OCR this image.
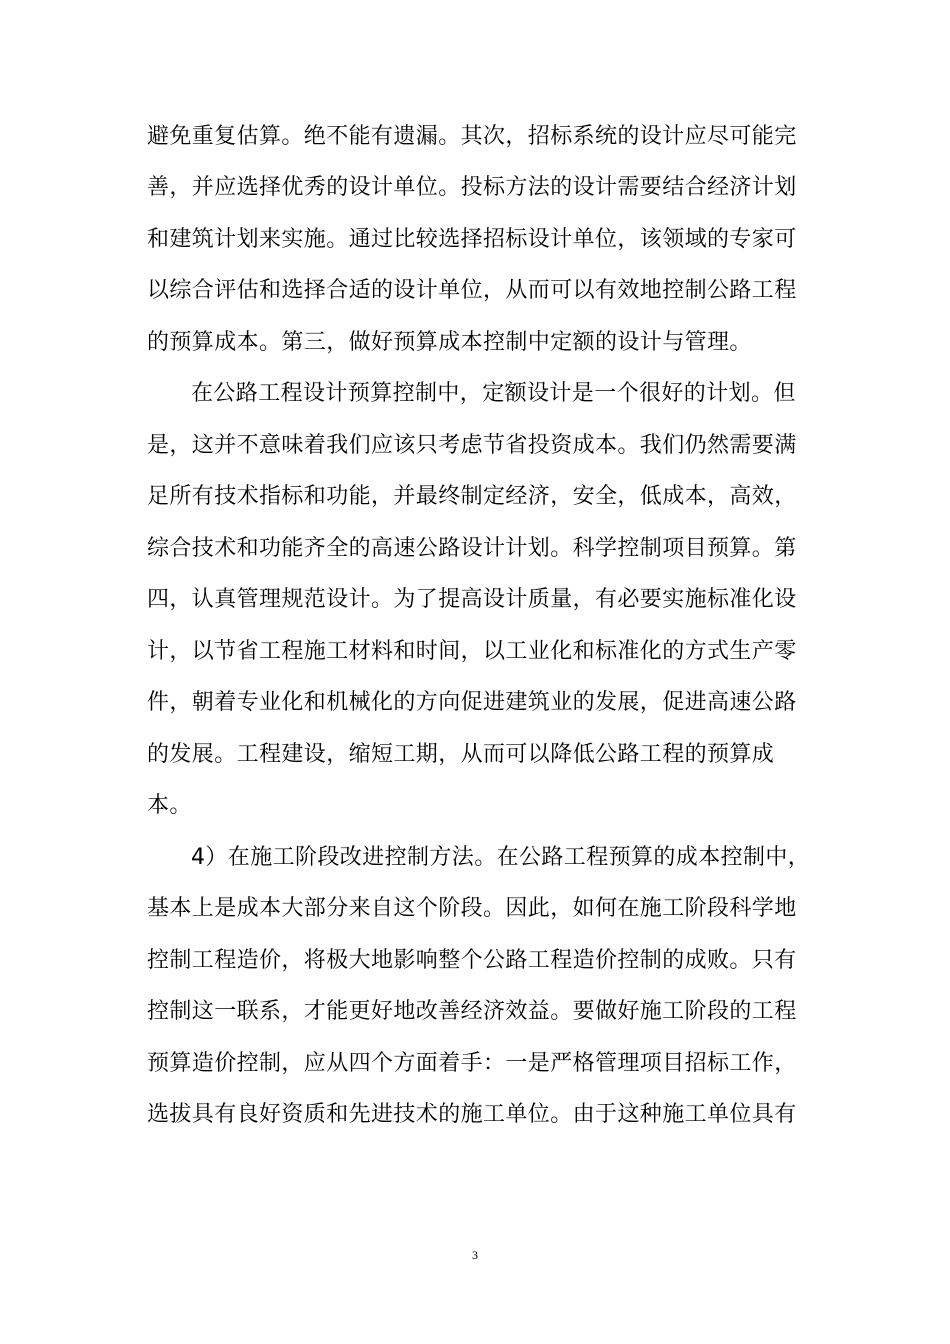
避免重复估算。绝不能有遗漏。其次，招标系统的设计应尽可能完
善，并应选择优秀的设计单位。投标方法的设计需要结合经济计划
和建筑计划来实施。通过比较选择招标设计单位，该领域的专家可
以综合评估和选择合适的设计单位，从而可以有效地控制公路工程
的预算成本。第三，做好预算成本控制中定额的设计与管理。
在公路工程设计预算控制中，定额设计是一个很好的计划。但
是，这并不意味着我们应该只考虑节省投资成本。我们仍然需要满
足所有技术指标和功能，并最终制定经济，安全，低成本，高效，
综合技术和功能齐全的高速公路设计计划。科学控制项目预算。第
四，认真管理规范设计。为了提高设计质量，有必要实施标准化设
计，以节省工程施工材料和时间，以工业化和标准化的方式生产零
件，朝着专业化和机械化的方向促进建筑业的发展，促进高速公路
的发展。工程建设，缩短工期，从而可以降低公路工程的预算成
本。
4）在施工阶段改进控制方法。在公路工程预算的成本控制中，
基本上是成本大部分来自这个阶段。因此，如何在施工阶段科学地
控制工程造价，将极大地影响整个公路工程造价控制的成败。只有
控制这一联系，才能更好地改善经济效益。要做好施工阶段的工程
预算造价控制，应从四个方面着手：一是严格管理项目招标工作，
选拔具有良好资质和先进技术的施工单位。由于这种施工单位具有
3
